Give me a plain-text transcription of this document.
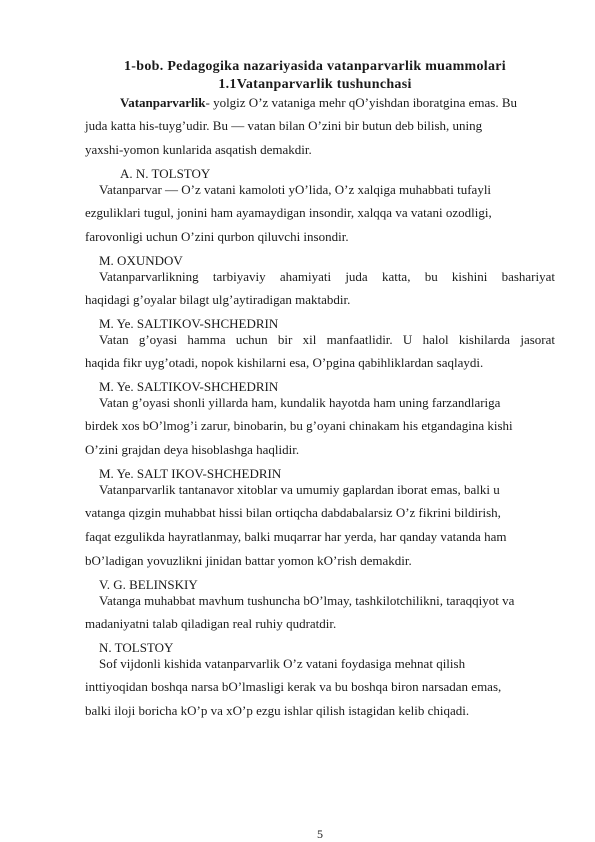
1-bob. Pedagogika nazariyasida vatanparvarlik muammolari
1.1Vatanparvarlik tushunchasi
Vatanparvarlik- yolgiz O’z vataniga mehr qO’yishdan iboratgina emas. Bu
juda katta his-tuyg’udir. Bu — vatan bilan O’zini bir butun deb bilish, uning
yaxshi-yomon kunlarida asqatish demakdir.
A. N. TOLSTOY
Vatanparvar — O’z vatani kamoloti yO’lida, O’z xalqiga muhabbati tufayli
ezguliklari tugul, jonini ham ayamaydigan insondir, xalqqa va vatani ozodligi,
farovonligi uchun O’zini qurbon qiluvchi insondir.
M. OXUNDOV
Vatanparvarlikning tarbiyaviy ahamiyati juda katta, bu kishini bashariyat
haqidagi g’oyalar bilagt ulg’aytiradigan maktabdir.
M. Ye. SALTIKOV-SHCHEDRIN
Vatan g’oyasi hamma uchun bir xil manfaatlidir. U halol kishilarda jasorat
haqida fikr uyg’otadi, nopok kishilarni esa, O’pgina qabihliklardan saqlaydi.
M. Ye. SALTIKOV-SHCHEDRIN
Vatan g’oyasi shonli yillarda ham, kundalik hayotda ham uning farzandlariga
birdek xos bO’lmog’i zarur, binobarin, bu g’oyani chinakam his etgandagina kishi
O’zini grajdan deya hisoblashga haqlidir.
M. Ye. SALT IKOV-SHCHEDRIN
Vatanparvarlik tantanavor xitoblar va umumiy gaplardan iborat emas, balki u
vatanga qizgin muhabbat hissi bilan ortiqcha dabdabalarsiz O’z fikrini bildirish,
faqat ezgulikda hayratlanmay, balki muqarrar har yerda, har qanday vatanda ham
bO’ladigan yovuzlikni jinidan battar yomon kO’rish demakdir.
V. G. BELINSKIY
Vatanga muhabbat mavhum tushuncha bO’lmay, tashkilotchilikni, taraqqiyot va
madaniyatni talab qiladigan real ruhiy qudratdir.
N. TOLSTOY
Sof vijdonli kishida vatanparvarlik O’z vatani foydasiga mehnat qilish
inttiyoqidan boshqa narsa bO’lmasligi kerak va bu boshqa biron narsadan emas,
balki iloji boricha kO’p va xO’p ezgu ishlar qilish istagidan kelib chiqadi.
5
